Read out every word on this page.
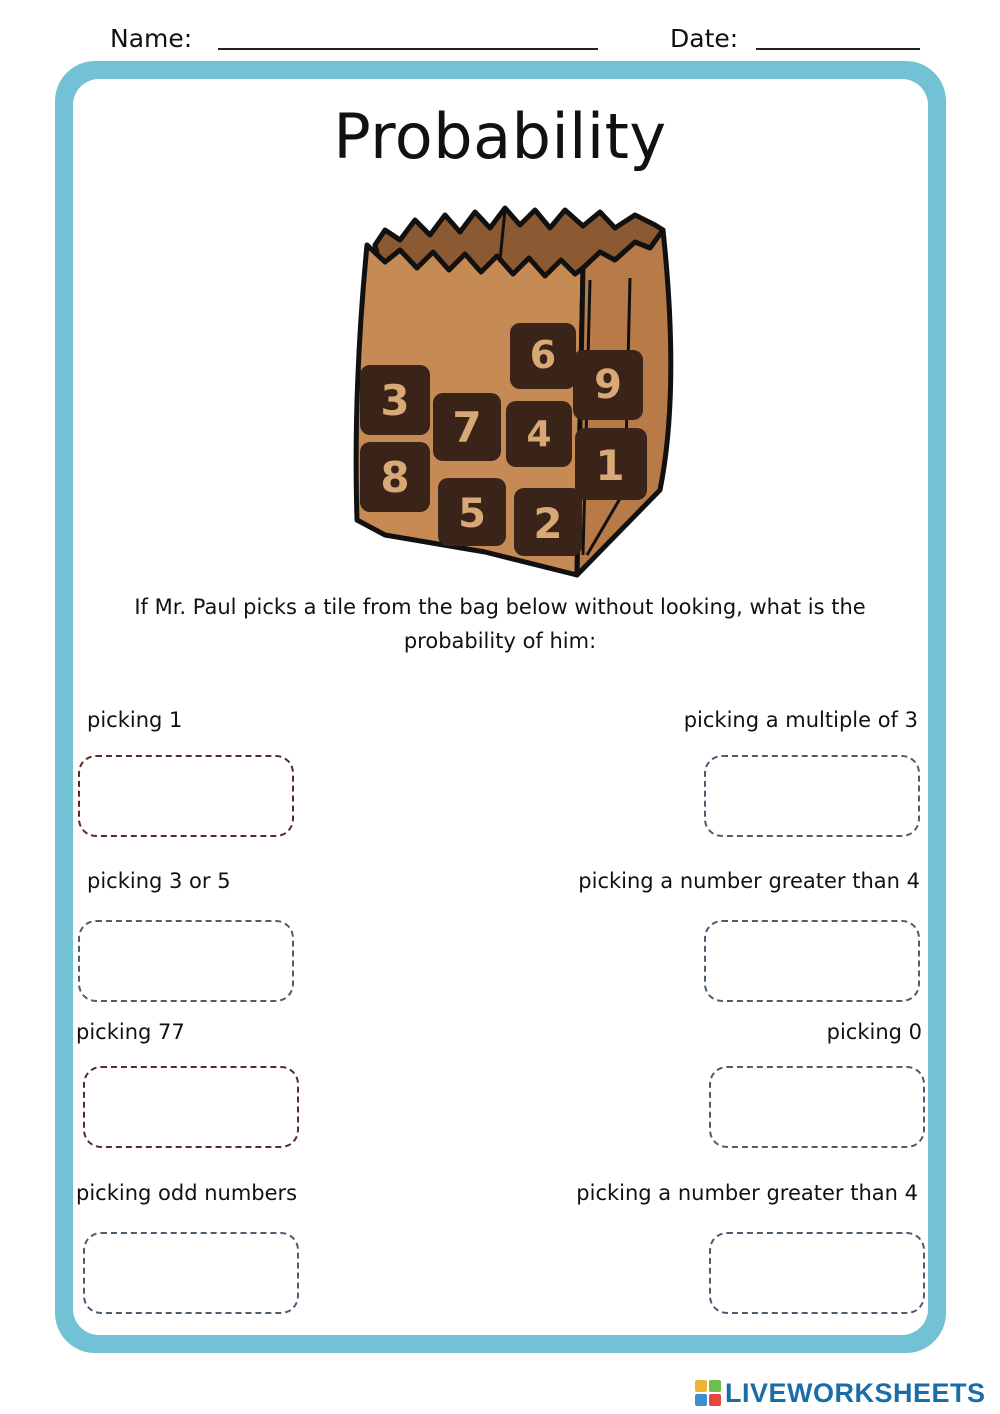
Name:	Date:
Probability
6
9
3
7 4
8	1
5 2
If Mr. Paul picks a tile from the bag below without looking, what is the probability of him:
picking 1
picking 3 or 5
picking 77
picking odd numbers
picking a multiple of 3
picking a number greater than 4
picking 0
picking a number greater than 4
LIVEWORKSHEETS
